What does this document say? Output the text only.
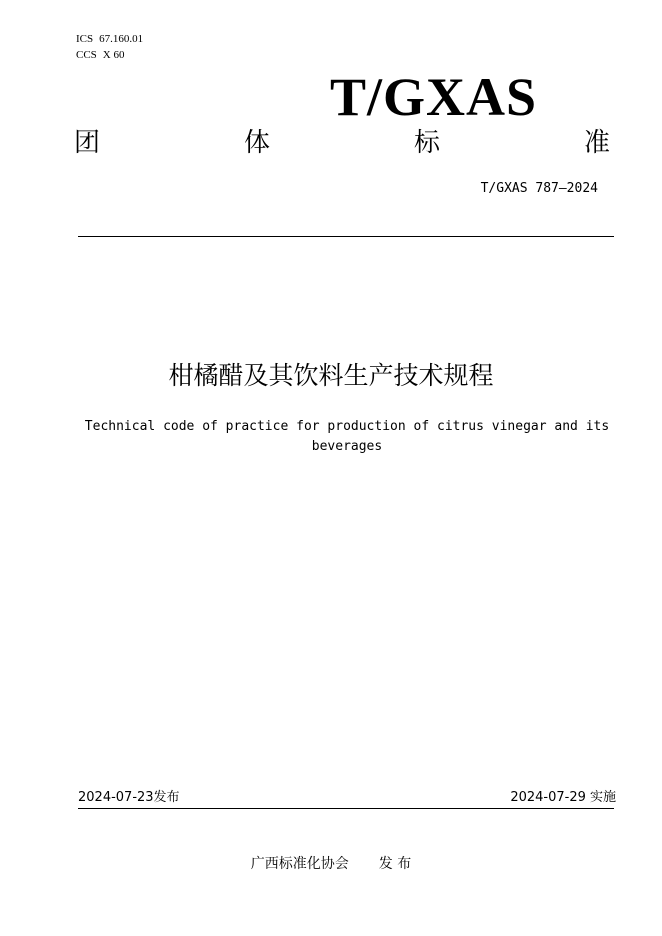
ICS 67.160.01
CCS X 60
T/GXAS
团	体	标	准
T/GXAS 787—2024
柑橘醋及其饮料生产技术规程
Technical code of practice for production of citrus vinegar and its beverages
2024-07-23发布	2024-07-29 实施
广西标准化协会 发 布
